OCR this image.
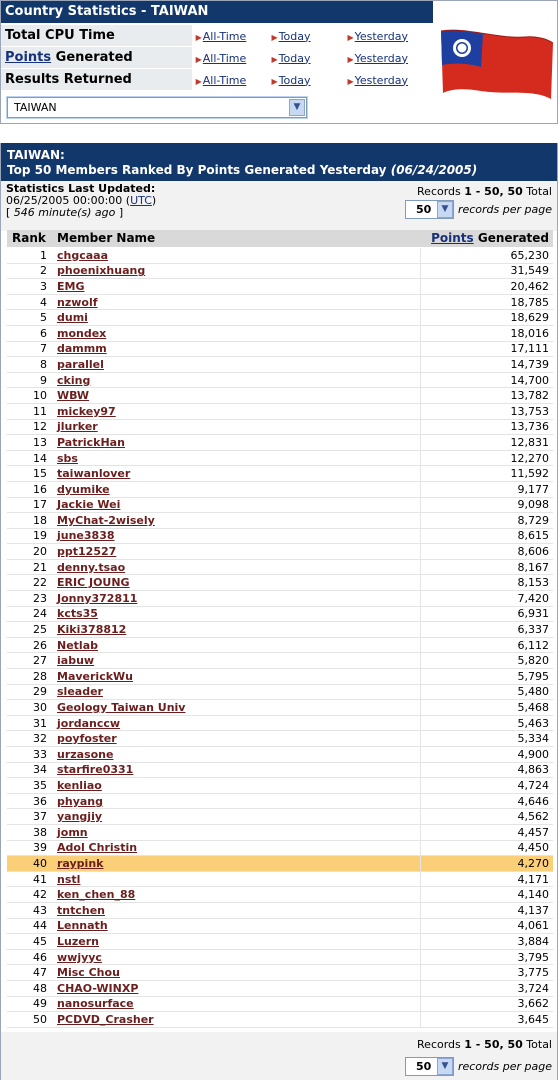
Country Statistics - TAIWAN
Total CPU Time	▶All-Time	▶Today	▶Yesterday
Points Generated	▶All-Time	▶Today	▶Yesterday
Results Returned	▶All-Time	▶Today	▶Yesterday
TAIWAN	▼
TAIWAN:
Top 50 Members Ranked By Points Generated Yesterday (06/24/2005)
Statistics Last Updated:
06/25/2005 00:00:00 (UTC)
[ 546 minute(s) ago ]
Records 1 - 50, 50 Total
50	▼ records per page
Rank Member Name	Points Generated
1 chgcaaa	65,230
2 phoenixhuang	31,549
3 EMG	20,462
4 nzwolf	18,785
5 dumi	18,629
6 mondex	18,016
7 dammm	17,111
8 parallel	14,739
9 cking	14,700
10 WBW	13,782
11 mickey97	13,753
12 jlurker	13,736
13 PatrickHan	12,831
14 sbs	12,270
15 taiwanlover	11,592
16 dyumike	9,177
17 Jackie Wei	9,098
18 MyChat-2wisely	8,729
19 june3838	8,615
20 ppt12527	8,606
21 denny.tsao	8,167
22 ERIC JOUNG	8,153
23 Jonny372811	7,420
24 kcts35	6,931
25 Kiki378812	6,337
26 Netlab	6,112
27 iabuw	5,820
28 MaverickWu	5,795
29 sleader	5,480
30 Geology Taiwan Univ	5,468
31 jordanccw	5,463
32 poyfoster	5,334
33 urzasone	4,900
34 starfire0331	4,863
35 kenliao	4,724
36 phyang	4,646
37 yangjiy	4,562
38 jomn	4,457
39 Adol Christin	4,450
40 raypink	4,270
41 nstl	4,171
42 ken_chen_88	4,140
43 tntchen	4,137
44 Lennath	4,061
45 Luzern	3,884
46 wwjyyc	3,795
47 Misc Chou	3,775
48 CHAO-WINXP	3,724
49 nanosurface	3,662
50 PCDVD_Crasher	3,645
Records 1 - 50, 50 Total
50	▼ records per page
